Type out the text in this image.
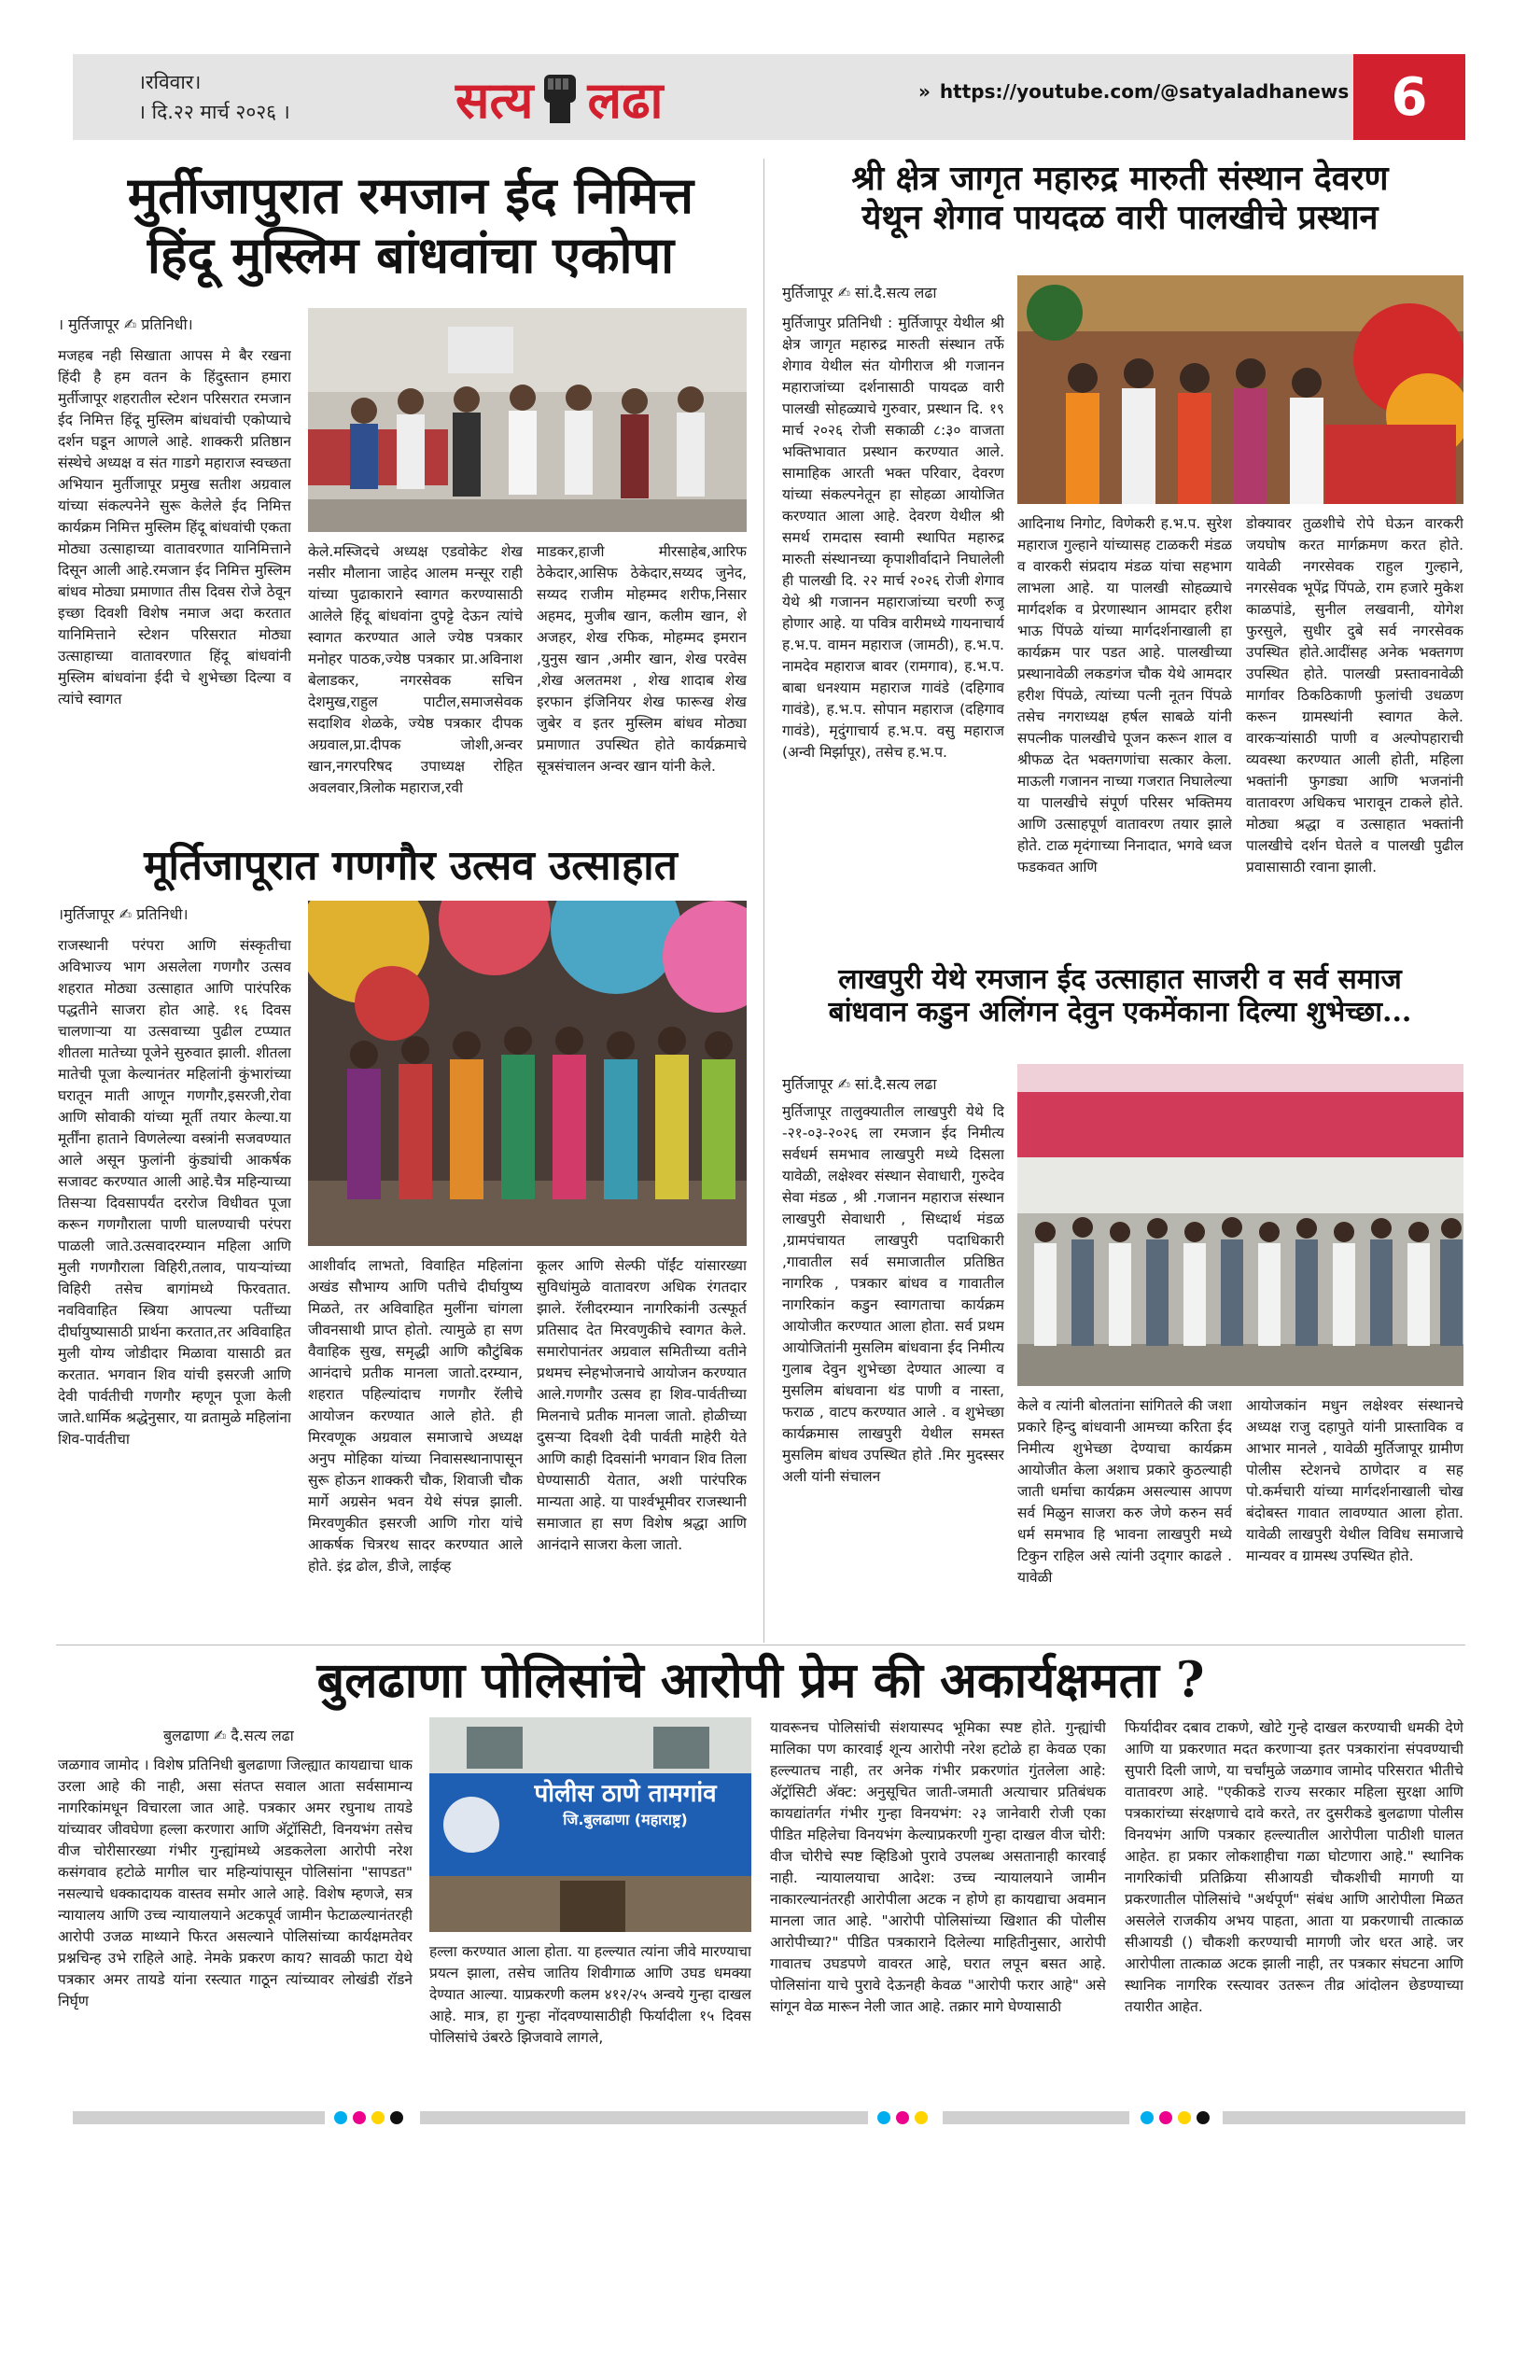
।रविवार।
। दि.२२ मार्च २०२६ ।	सत्य लढा	» https://youtube.com/@satyaladhanews 6
मुर्तीजापुरात रमजान ईद निमित्त
हिंदू मुस्लिम बांधवांचा एकोपा
। मुर्तिजापूर ✍ प्रतिनिधी।
मजहब नही सिखाता आपस मे बैर रखना हिंदी है हम वतन के हिंदुस्तान हमारा मुर्तीजापूर शहरातील स्टेशन परिसरात रमजान ईद निमित्त हिंदू मुस्लिम बांधवांची एकोप्याचे दर्शन घडून आणले आहे. शाक्करी प्रतिष्ठान संस्थेचे अध्यक्ष व संत गाडगे महाराज स्वच्छता अभियान मुर्तीजापूर प्रमुख सतीश अग्रवाल यांच्या संकल्पनेने सुरू केलेले ईद निमित्त कार्यक्रम निमित्त मुस्लिम हिंदू बांधवांची एकता मोठ्या उत्साहाच्या वातावरणात यानिमित्ताने दिसून आली आहे.रमजान ईद निमित्त मुस्लिम बांधव मोठ्या प्रमाणात तीस दिवस रोजे ठेवून इच्छा दिवशी विशेष नमाज अदा करतात यानिमित्ताने स्टेशन परिसरात मोठ्या उत्साहाच्या वातावरणात हिंदू बांधवांनी मुस्लिम बांधवांना ईदी चे शुभेच्छा दिल्या व त्यांचे स्वागत
केले.मस्जिदचे अध्यक्ष एडवोकेट शेख नसीर मौलाना जाहेद आलम मन्सूर राही यांच्या पुढाकाराने स्वागत करण्यासाठी आलेले हिंदू बांधवांना दुपट्टे देऊन त्यांचे स्वागत करण्यात आले ज्येष्ठ पत्रकार मनोहर पाठक,ज्येष्ठ पत्रकार प्रा.अविनाश बेलाडकर, नगरसेवक सचिन देशमुख,राहुल पाटील,समाजसेवक सदाशिव शेळके, ज्येष्ठ पत्रकार दीपक अग्रवाल,प्रा.दीपक जोशी,अन्वर खान,नगरपरिषद उपाध्यक्ष रोहित अवलवार,त्रिलोक महाराज,रवी
माडकर,हाजी मीरसाहेब,आरिफ ठेकेदार,आसिफ ठेकेदार,सय्यद जुनेद, सय्यद राजीम मोहम्मद शरीफ,निसार अहमद, मुजीब खान, कलीम खान, शे अजहर, शेख रफिक, मोहम्मद इमरान ,युनुस खान ,अमीर खान, शेख परवेस ,शेख अलतमश , शेख शादाब शेख इरफान इंजिनियर शेख फारूख शेख जुबेर व इतर मुस्लिम बांधव मोठ्या प्रमाणात उपस्थित होते कार्यक्रमाचे सूत्रसंचालन अन्वर खान यांनी केले.
मूर्तिजापूरात गणगौर उत्सव उत्साहात
।मुर्तिजापूर ✍ प्रतिनिधी।
राजस्थानी परंपरा आणि संस्कृतीचा अविभाज्य भाग असलेला गणगौर उत्सव शहरात मोठ्या उत्साहात आणि पारंपरिक पद्धतीने साजरा होत आहे. १६ दिवस चालणाऱ्या या उत्सवाच्या पुढील टप्प्यात शीतला मातेच्या पूजेने सुरुवात झाली. शीतला मातेची पूजा केल्यानंतर महिलांनी कुंभारांच्या घरातून माती आणून गणगौर,इसरजी,रोवा आणि सोवाकी यांच्या मूर्ती तयार केल्या.या मूर्तींना हाताने विणलेल्या वस्त्रांनी सजवण्यात आले असून फुलांनी कुंड्यांची आकर्षक सजावट करण्यात आली आहे.चैत्र महिन्याच्या तिसऱ्या दिवसापर्यंत दररोज विधीवत पूजा करून गणगौराला पाणी घालण्याची परंपरा पाळली जाते.उत्सवादरम्यान महिला आणि मुली गणगौराला विहिरी,तलाव, पायऱ्यांच्या विहिरी तसेच बागांमध्ये फिरवतात. नवविवाहित स्त्रिया आपल्या पतींच्या दीर्घायुष्यासाठी प्रार्थना करतात,तर अविवाहित मुली योग्य जोडीदार मिळावा यासाठी व्रत करतात. भगवान शिव यांची इसरजी आणि देवी पार्वतीची गणगौर म्हणून पूजा केली जाते.धार्मिक श्रद्धेनुसार, या व्रतामुळे महिलांना शिव-पार्वतीचा
आशीर्वाद लाभतो, विवाहित महिलांना अखंड सौभाग्य आणि पतीचे दीर्घायुष्य मिळते, तर अविवाहित मुलींना चांगला जीवनसाथी प्राप्त होतो. त्यामुळे हा सण वैवाहिक सुख, समृद्धी आणि कौटुंबिक आनंदाचे प्रतीक मानला जातो.दरम्यान, शहरात पहिल्यांदाच गणगौर रॅलीचे आयोजन करण्यात आले होते. ही मिरवणूक अग्रवाल समाजाचे अध्यक्ष अनुप मोहिका यांच्या निवासस्थानापासून सुरू होऊन शाक्करी चौक, शिवाजी चौक मार्गे अग्रसेन भवन येथे संपन्न झाली. मिरवणुकीत इसरजी आणि गोरा यांचे आकर्षक चित्ररथ सादर करण्यात आले होते. इंद्र ढोल, डीजे, लाईव्ह
कूलर आणि सेल्फी पॉईंट यांसारख्या सुविधांमुळे वातावरण अधिक रंगतदार झाले. रॅलीदरम्यान नागरिकांनी उत्स्फूर्त प्रतिसाद देत मिरवणुकीचे स्वागत केले. समारोपानंतर अग्रवाल समितीच्या वतीने प्रथमच स्नेहभोजनाचे आयोजन करण्यात आले.गणगौर उत्सव हा शिव-पार्वतीच्या मिलनाचे प्रतीक मानला जातो. होळीच्या दुसऱ्या दिवशी देवी पार्वती माहेरी येते आणि काही दिवसांनी भगवान शिव तिला घेण्यासाठी येतात, अशी पारंपरिक मान्यता आहे. या पार्श्वभूमीवर राजस्थानी समाजात हा सण विशेष श्रद्धा आणि आनंदाने साजरा केला जातो.
श्री क्षेत्र जागृत महारुद्र मारुती संस्थान देवरण
येथून शेगाव पायदळ वारी पालखीचे प्रस्थान
मुर्तिजापूर ✍ सां.दै.सत्य लढा
मुर्तिजापुर प्रतिनिधी : मुर्तिजापूर येथील श्री क्षेत्र जागृत महारुद्र मारुती संस्थान तर्फे शेगाव येथील संत योगीराज श्री गजानन महाराजांच्या दर्शनासाठी पायदळ वारी पालखी सोहळ्याचे गुरुवार, प्रस्थान दि. १९ मार्च २०२६ रोजी सकाळी ८:३० वाजता भक्तिभावात प्रस्थान करण्यात आले. सामाहिक आरती भक्त परिवार, देवरण यांच्या संकल्पनेतून हा सोहळा आयोजित करण्यात आला आहे. देवरण येथील श्री समर्थ रामदास स्वामी स्थापित महारुद्र मारुती संस्थानच्या कृपाशीर्वादाने निघालेली ही पालखी दि. २२ मार्च २०२६ रोजी शेगाव येथे श्री गजानन महाराजांच्या चरणी रुजू होणार आहे. या पवित्र वारीमध्ये गायनाचार्य ह.भ.प. वामन महाराज (जामठी), ह.भ.प. नामदेव महाराज बावर (रामगाव), ह.भ.प. बाबा धनश्याम महाराज गावंडे (दहिगाव गावंडे), ह.भ.प. सोपान महाराज (दहिगाव गावंडे), मृदुंगाचार्य ह.भ.प. वसु महाराज (अन्वी मिर्झापूर), तसेच ह.भ.प.
आदिनाथ निगोट, विणेकरी ह.भ.प. सुरेश महाराज गुल्हाने यांच्यासह टाळकरी मंडळ व वारकरी संप्रदाय मंडळ यांचा सहभाग लाभला आहे. या पालखी सोहळ्याचे मार्गदर्शक व प्रेरणास्थान आमदार हरीश भाऊ पिंपळे यांच्या मार्गदर्शनाखाली हा कार्यक्रम पार पडत आहे. पालखीच्या प्रस्थानावेळी लकडगंज चौक येथे आमदार हरीश पिंपळे, त्यांच्या पत्नी नूतन पिंपळे तसेच नगराध्यक्ष हर्षल साबळे यांनी सपत्नीक पालखीचे पूजन करून शाल व श्रीफळ देत भक्तगणांचा सत्कार केला. माऊली गजानन नाच्या गजरात निघालेल्या या पालखीचे संपूर्ण परिसर भक्तिमय आणि उत्साहपूर्ण वातावरण तयार झाले होते. टाळ मृदंगाच्या निनादात, भगवे ध्वज फडकवत आणि
डोक्यावर तुळशीचे रोपे घेऊन वारकरी जयघोष करत मार्गक्रमण करत होते. यावेळी नगरसेवक राहुल गुल्हाने, नगरसेवक भूपेंद्र पिंपळे, राम हजारे मुकेश काळपांडे, सुनील लखवानी, योगेश फुरसुले, सुधीर दुबे सर्व नगरसेवक उपस्थित होते.आदींसह अनेक भक्तगण उपस्थित होते. पालखी प्रस्तावनावेळी मार्गावर ठिकठिकाणी फुलांची उधळण करून ग्रामस्थांनी स्वागत केले. वारकऱ्यांसाठी पाणी व अल्पोपहाराची व्यवस्था करण्यात आली होती, महिला भक्तांनी फुगड्या आणि भजनांनी वातावरण अधिकच भारावून टाकले होते. मोठ्या श्रद्धा व उत्साहात भक्तांनी पालखीचे दर्शन घेतले व पालखी पुढील प्रवासासाठी रवाना झाली.
लाखपुरी येथे रमजान ईद उत्साहात साजरी व सर्व समाज
बांधवान कडुन अलिंगन देवुन एकमेंकाना दिल्या शुभेच्छा...
मुर्तिजापूर ✍ सां.दै.सत्य लढा
मुर्तिजापूर तालुक्यातील लाखपुरी येथे दि -२१-०३-२०२६ ला रमजान ईद निमीत्य सर्वधर्म समभाव लाखपुरी मध्ये दिसला यावेळी, लक्षेश्वर संस्थान सेवाधारी, गुरुदेव सेवा मंडळ , श्री .गजानन महाराज संस्थान लाखपुरी सेवाधारी , सिध्दार्थ मंडळ ,ग्रामपंचायत लाखपुरी पदाधिकारी ,गावातील सर्व समाजातील प्रतिष्ठित नागरिक , पत्रकार बांधव व गावातील नागरिकांन कडुन स्वागताचा कार्यक्रम आयोजीत करण्यात आला होता. सर्व प्रथम आयोजितांनी मुसलिम बांधवाना ईद निमीत्य गुलाब देवुन शुभेच्छा देण्यात आल्या व मुसलिम बांधवाना थंड पाणी व नास्ता, फराळ , वाटप करण्यात आले . व शुभेच्छा कार्यक्रमास लाखपुरी येथील समस्त मुसलिम बांधव उपस्थित होते .मिर मुदस्सर अली यांनी संचालन
केले व त्यांनी बोलतांना सांगितले की जशा प्रकारे हिन्दु बांधवानी आमच्या करिता ईद निमीत्य शुभेच्छा देण्याचा कार्यक्रम आयोजीत केला अशाच प्रकारे कुठल्याही जाती धर्माचा कार्यक्रम असल्यास आपण सर्व मिळुन साजरा करु जेणे करुन सर्व धर्म समभाव हि भावना लाखपुरी मध्ये टिकुन राहिल असे त्यांनी उद्‌गार काढले . यावेळी
आयोजकांन मधुन लक्षेश्वर संस्थानचे अध्यक्ष राजु दहापुते यांनी प्रास्ताविक व आभार मानले , यावेळी मुर्तिजापूर ग्रामीण पोलीस स्टेशनचे ठाणेदार व सह पो.कर्मचारी यांच्या मार्गदर्शनाखाली चोख बंदोबस्त गावात लावण्यात आला होता. यावेळी लाखपुरी येथील विविध समाजाचे मान्यवर व ग्रामस्थ उपस्थित होते.
बुलढाणा पोलिसांचे आरोपी प्रेम की अकार्यक्षमता ?
बुलढाणा ✍ दै.सत्य लढा
पोलीस ठाणे तामगांव
जि.बुलढाणा (महाराष्ट्र)
जळगाव जामोद । विशेष प्रतिनिधी बुलढाणा जिल्ह्यात कायद्याचा धाक उरला आहे की नाही, असा संतप्त सवाल आता सर्वसामान्य नागरिकांमधून विचारला जात आहे. पत्रकार अमर रघुनाथ तायडे यांच्यावर जीवघेणा हल्ला करणारा आणि अ‍ॅट्रॉसिटी, विनयभंग तसेच वीज चोरीसारख्या गंभीर गुन्ह्यांमध्ये अडकलेला आरोपी नरेश कसंगवाव हटोळे मागील चार महिन्यांपासून पोलिसांना "सापडत" नसल्याचे धक्कादायक वास्तव समोर आले आहे. विशेष म्हणजे, सत्र न्यायालय आणि उच्च न्यायालयाने अटकपूर्व जामीन फेटाळल्यानंतरही आरोपी उजळ माथ्याने फिरत असल्याने पोलिसांच्या कार्यक्षमतेवर प्रश्नचिन्ह उभे राहिले आहे. नेमके प्रकरण काय? सावळी फाटा येथे पत्रकार अमर तायडे यांना रस्त्यात गाठून त्यांच्यावर लोखंडी रॉडने निर्घृण
हल्ला करण्यात आला होता. या हल्ल्यात त्यांना जीवे मारण्याचा प्रयत्न झाला, तसेच जातिय शिवीगाळ आणि उघड धमक्या देण्यात आल्या. याप्रकरणी कलम ४१२/२५ अन्वये गुन्हा दाखल आहे. मात्र, हा गुन्हा नोंदवण्यासाठीही फिर्यादीला १५ दिवस पोलिसांचे उंबरठे झिजवावे लागले,
यावरूनच पोलिसांची संशयास्पद भूमिका स्पष्ट होते. गुन्ह्यांची मालिका पण कारवाई शून्य आरोपी नरेश हटोळे हा केवळ एका हल्ल्यातच नाही, तर अनेक गंभीर प्रकरणांत गुंतलेला आहे: अ‍ॅट्रॉसिटी अ‍ॅक्ट: अनुसूचित जाती-जमाती अत्याचार प्रतिबंधक कायद्यांतर्गत गंभीर गुन्हा विनयभंग: २३ जानेवारी रोजी एका पीडित महिलेचा विनयभंग केल्याप्रकरणी गुन्हा दाखल वीज चोरी: वीज चोरीचे स्पष्ट व्हिडिओ पुरावे उपलब्ध असतानाही कारवाई नाही. न्यायालयाचा आदेश: उच्च न्यायालयाने जामीन नाकारल्यानंतरही आरोपीला अटक न होणे हा कायद्याचा अवमान मानला जात आहे. "आरोपी पोलिसांच्या खिशात की पोलीस आरोपीच्या?" पीडित पत्रकाराने दिलेल्या माहितीनुसार, आरोपी गावातच उघडपणे वावरत आहे, घरात लपून बसत आहे. पोलिसांना याचे पुरावे देऊनही केवळ "आरोपी फरार आहे" असे सांगून वेळ मारून नेली जात आहे. तक्रार मागे घेण्यासाठी
फिर्यादीवर दबाव टाकणे, खोटे गुन्हे दाखल करण्याची धमकी देणे आणि या प्रकरणात मदत करणाऱ्या इतर पत्रकारांना संपवण्याची सुपारी दिली जाणे, या चर्चांमुळे जळगाव जामोद परिसरात भीतीचे वातावरण आहे. "एकीकडे राज्य सरकार महिला सुरक्षा आणि पत्रकारांच्या संरक्षणाचे दावे करते, तर दुसरीकडे बुलढाणा पोलीस विनयभंग आणि पत्रकार हल्ल्यातील आरोपीला पाठीशी घालत आहेत. हा प्रकार लोकशाहीचा गळा घोटणारा आहे." स्थानिक नागरिकांची प्रतिक्रिया सीआयडी चौकशीची मागणी या प्रकरणातील पोलिसांचे "अर्थपूर्ण" संबंध आणि आरोपीला मिळत असलेले राजकीय अभय पाहता, आता या प्रकरणाची तात्काळ सीआयडी () चौकशी करण्याची मागणी जोर धरत आहे. जर आरोपीला तात्काळ अटक झाली नाही, तर पत्रकार संघटना आणि स्थानिक नागरिक रस्त्यावर उतरून तीव्र आंदोलन छेडण्याच्या तयारीत आहेत.
